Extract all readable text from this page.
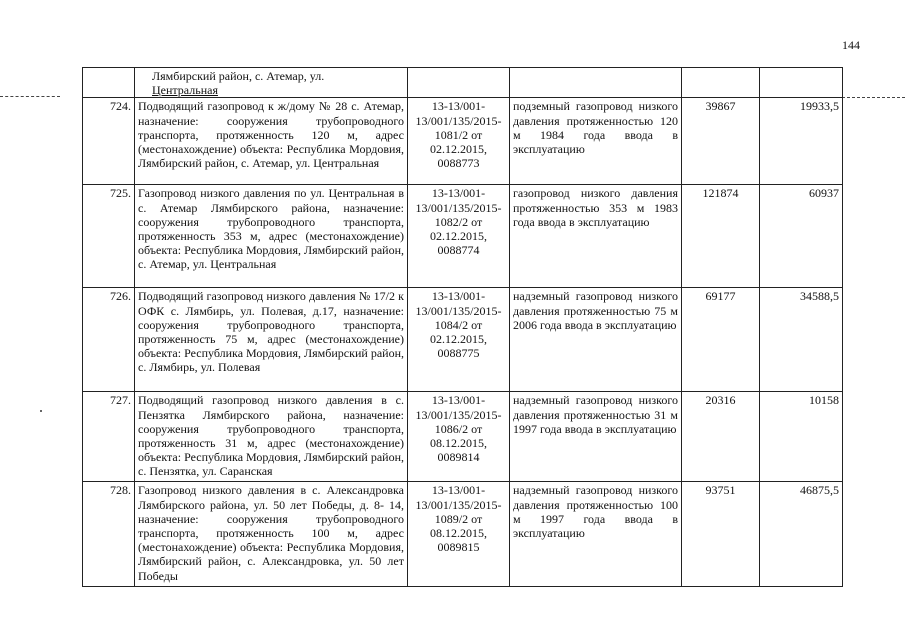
144

	Лямбирский район, с. Атемар, ул.
Центральная				

724.	Подводящий газопровод к ж/дому № 28 с. Атемар, назначение: сооружения трубопроводного транспорта, протяженность 120 м, адрес (местонахождение) объекта: Республика Мордовия, Лямбирский район, с. Атемар, ул. Центральная	13-13/001-13/001/135/2015-1081/2 от 02.12.2015, 0088773	подземный газопровод низкого давления протяженностью 120 м 1984 года ввода в эксплуатацию	39867	19933,5
725.	Газопровод низкого давления по ул. Центральная в с. Атемар Лямбирского района, назначение: сооружения трубопроводного транспорта, протяженность 353 м, адрес (местонахождение) объекта: Республика Мордовия, Лямбирский район, с. Атемар, ул. Центральная	13-13/001-13/001/135/2015-1082/2 от 02.12.2015, 0088774	газопровод низкого давления протяженностью 353 м 1983 года ввода в эксплуатацию	121874	60937
726.	Подводящий газопровод низкого давления № 17/2 к ОФК с. Лямбирь, ул. Полевая, д.17, назначение: сооружения трубопроводного транспорта, протяженность 75 м, адрес (местонахождение) объекта: Республика Мордовия, Лямбирский район, с. Лямбирь, ул. Полевая	13-13/001-13/001/135/2015-1084/2 от 02.12.2015, 0088775	надземный газопровод низкого давления протяженностью 75 м 2006 года ввода в эксплуатацию	69177	34588,5
727.	Подводящий газопровод низкого давления в с. Пензятка Лямбирского района, назначение: сооружения трубопроводного транспорта, протяженность 31 м, адрес (местонахождение) объекта: Республика Мордовия, Лямбирский район, с. Пензятка, ул. Саранская	13-13/001-13/001/135/2015-1086/2 от 08.12.2015, 0089814	надземный газопровод низкого давления протяженностью 31 м 1997 года ввода в эксплуатацию	20316	10158
728.	Газопровод низкого давления в с. Александровка Лямбирского района, ул. 50 лет Победы, д. 8- 14, назначение: сооружения трубопроводного транспорта, протяженность 100 м, адрес (местонахождение) объекта: Республика Мордовия, Лямбирский район, с. Александровка, ул. 50 лет Победы	13-13/001-13/001/135/2015-1089/2 от 08.12.2015, 0089815	надземный газопровод низкого давления протяженностью 100 м 1997 года ввода в эксплуатацию	93751	46875,5
